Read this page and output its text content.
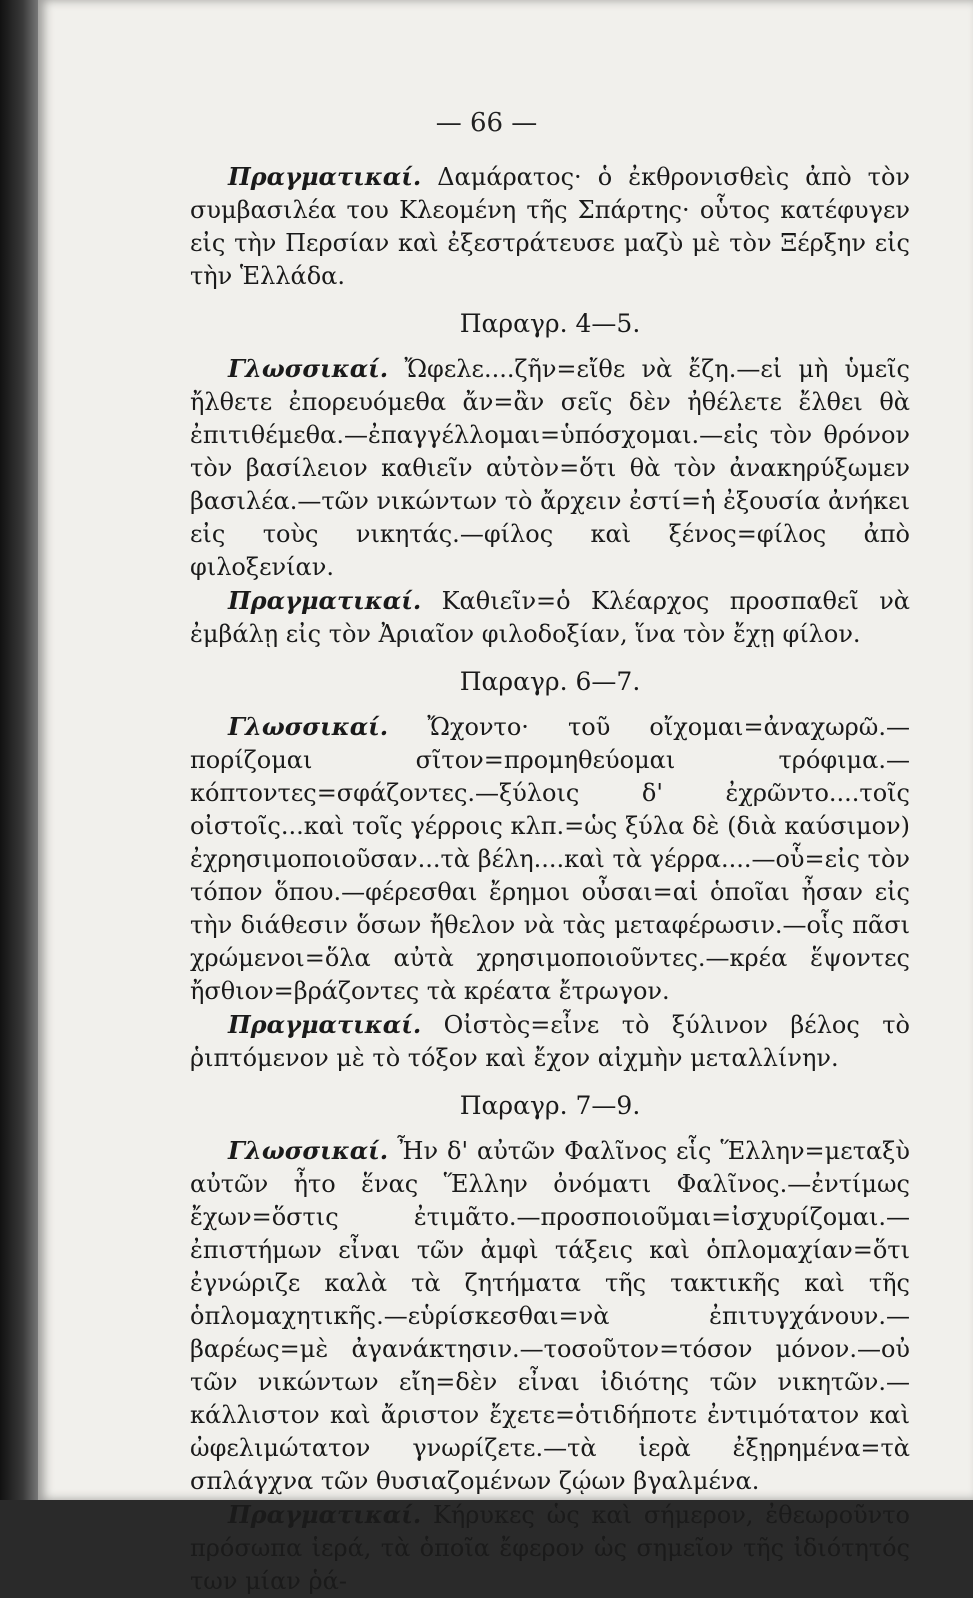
— 66 —

Πραγματικαί. Δαμάρατος· ὁ ἐκθρονισθεὶς ἀπὸ τὸν συμβασιλέα του Κλεομένη τῆς Σπάρτης· οὗτος κατέφυγεν εἰς τὴν Περσίαν καὶ ἐξεστράτευσε μαζὺ μὲ τὸν Ξέρξην εἰς τὴν Ἑλλάδα.

Παραγρ. 4—5.

Γλωσσικαί. Ὤφελε....ζῆν=εἴθε νὰ ἔζη.—εἰ μὴ ὑμεῖς ἤλθετε ἐπορευόμεθα ἄν=ἂν σεῖς δὲν ἠθέλετε ἔλθει θὰ ἐπιτιθέμεθα.—ἐπαγγέλλομαι=ὑπόσχομαι.—εἰς τὸν θρόνον τὸν βασίλειον καθιεῖν αὐτὸν=ὅτι θὰ τὸν ἀνακηρύξωμεν βασιλέα.—τῶν νικώντων τὸ ἄρχειν ἐστί=ἡ ἐξουσία ἀνήκει εἰς τοὺς νικητάς.—φίλος καὶ ξένος=φίλος ἀπὸ φιλοξενίαν.

Πραγματικαί. Καθιεῖν=ὁ Κλέαρχος προσπαθεῖ νὰ ἐμβάλῃ εἰς τὸν Ἀριαῖον φιλοδοξίαν, ἵνα τὸν ἔχῃ φίλον.

Παραγρ. 6—7.

Γλωσσικαί. Ὤχοντο· τοῦ οἴχομαι=ἀναχωρῶ.—πορίζομαι σῖτον=προμηθεύομαι τρόφιμα.—κόπτοντες=σφάζοντες.—ξύλοις δ' ἐχρῶντο....τοῖς οἰστοῖς...καὶ τοῖς γέρροις κλπ.=ὡς ξύλα δὲ (διὰ καύσιμον) ἐχρησιμοποιοῦσαν...τὰ βέλη....καὶ τὰ γέρρα....—οὗ=εἰς τὸν τόπον ὅπου.—φέρεσθαι ἔρημοι οὖσαι=αἱ ὁποῖαι ἦσαν εἰς τὴν διάθεσιν ὅσων ἤθελον νὰ τὰς μεταφέρωσιν.—οἷς πᾶσι χρώμενοι=ὅλα αὐτὰ χρησιμοποιοῦντες.—κρέα ἕψοντες ἤσθιον=βράζοντες τὰ κρέατα ἔτρωγον.

Πραγματικαί. Οἰστὸς=εἶνε τὸ ξύλινον βέλος τὸ ῥιπτόμενον μὲ τὸ τόξον καὶ ἔχον αἰχμὴν μεταλλίνην.

Παραγρ. 7—9.

Γλωσσικαί. Ἦν δ' αὐτῶν Φαλῖνος εἷς Ἕλλην=μεταξὺ αὐτῶν ἦτο ἕνας Ἕλλην ὀνόματι Φαλῖνος.—ἐντίμως ἔχων=ὅστις ἐτιμᾶτο.—προσποιοῦμαι=ἰσχυρίζομαι.—ἐπιστήμων εἶναι τῶν ἀμφὶ τάξεις καὶ ὁπλομαχίαν=ὅτι ἐγνώριζε καλὰ τὰ ζητήματα τῆς τακτικῆς καὶ τῆς ὁπλομαχητικῆς.—εὑρίσκεσθαι=νὰ ἐπιτυγχάνουν.—βαρέως=μὲ ἀγανάκτησιν.—τοσοῦτον=τόσον μόνον.—οὐ τῶν νικώντων εἴη=δὲν εἶναι ἰδιότης τῶν νικητῶν.—κάλλιστον καὶ ἄριστον ἔχετε=ὁτιδήποτε ἐντιμότατον καὶ ὠφελιμώτατον γνωρίζετε.—τὰ ἱερὰ ἐξῃρημένα=τὰ σπλάγχνα τῶν θυσιαζομένων ζῴων βγαλμένα.

Πραγματικαί. Κήρυκες ὡς καὶ σήμερον, ἐθεωροῦντο πρόσωπα ἱερά, τὰ ὁποῖα ἔφερον ὡς σημεῖον τῆς ἰδιότητός των μίαν ῥά-
